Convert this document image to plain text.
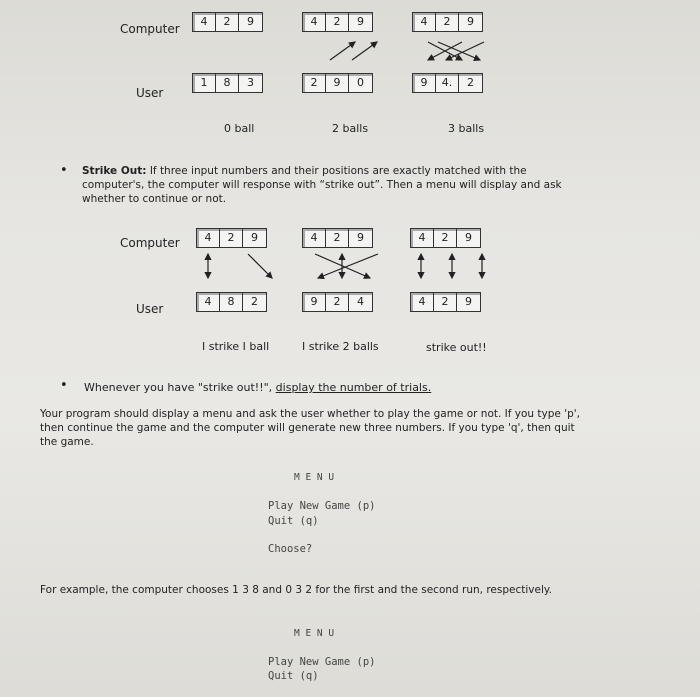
Computer
User
4	2	9	4	2	9	4	2	9
1	8	3	2	9	0	9	4.	2
0 ball	2 balls	3 balls
• Strike Out: If three input numbers and their positions are exactly matched with the
computer's, the computer will response with “strike out”. Then a menu will display and ask
whether to continue or not.
Computer
User
4	2	9	4	2	9	4	2	9
4	8	2	9	2	4	4	2	9
I strike I ball	I strike 2 balls	strike out!!
• Whenever you have "strike out!!", display the number of trials.
Your program should display a menu and ask the user whether to play the game or not. If you type 'p',
then continue the game and the computer will generate new three numbers. If you type 'q', then quit
the game.
M E N U
Play New Game (p)
Quit (q)
Choose?
For example, the computer chooses 1 3 8 and 0 3 2 for the first and the second run, respectively.
M E N U
Play New Game (p)
Quit (q)
